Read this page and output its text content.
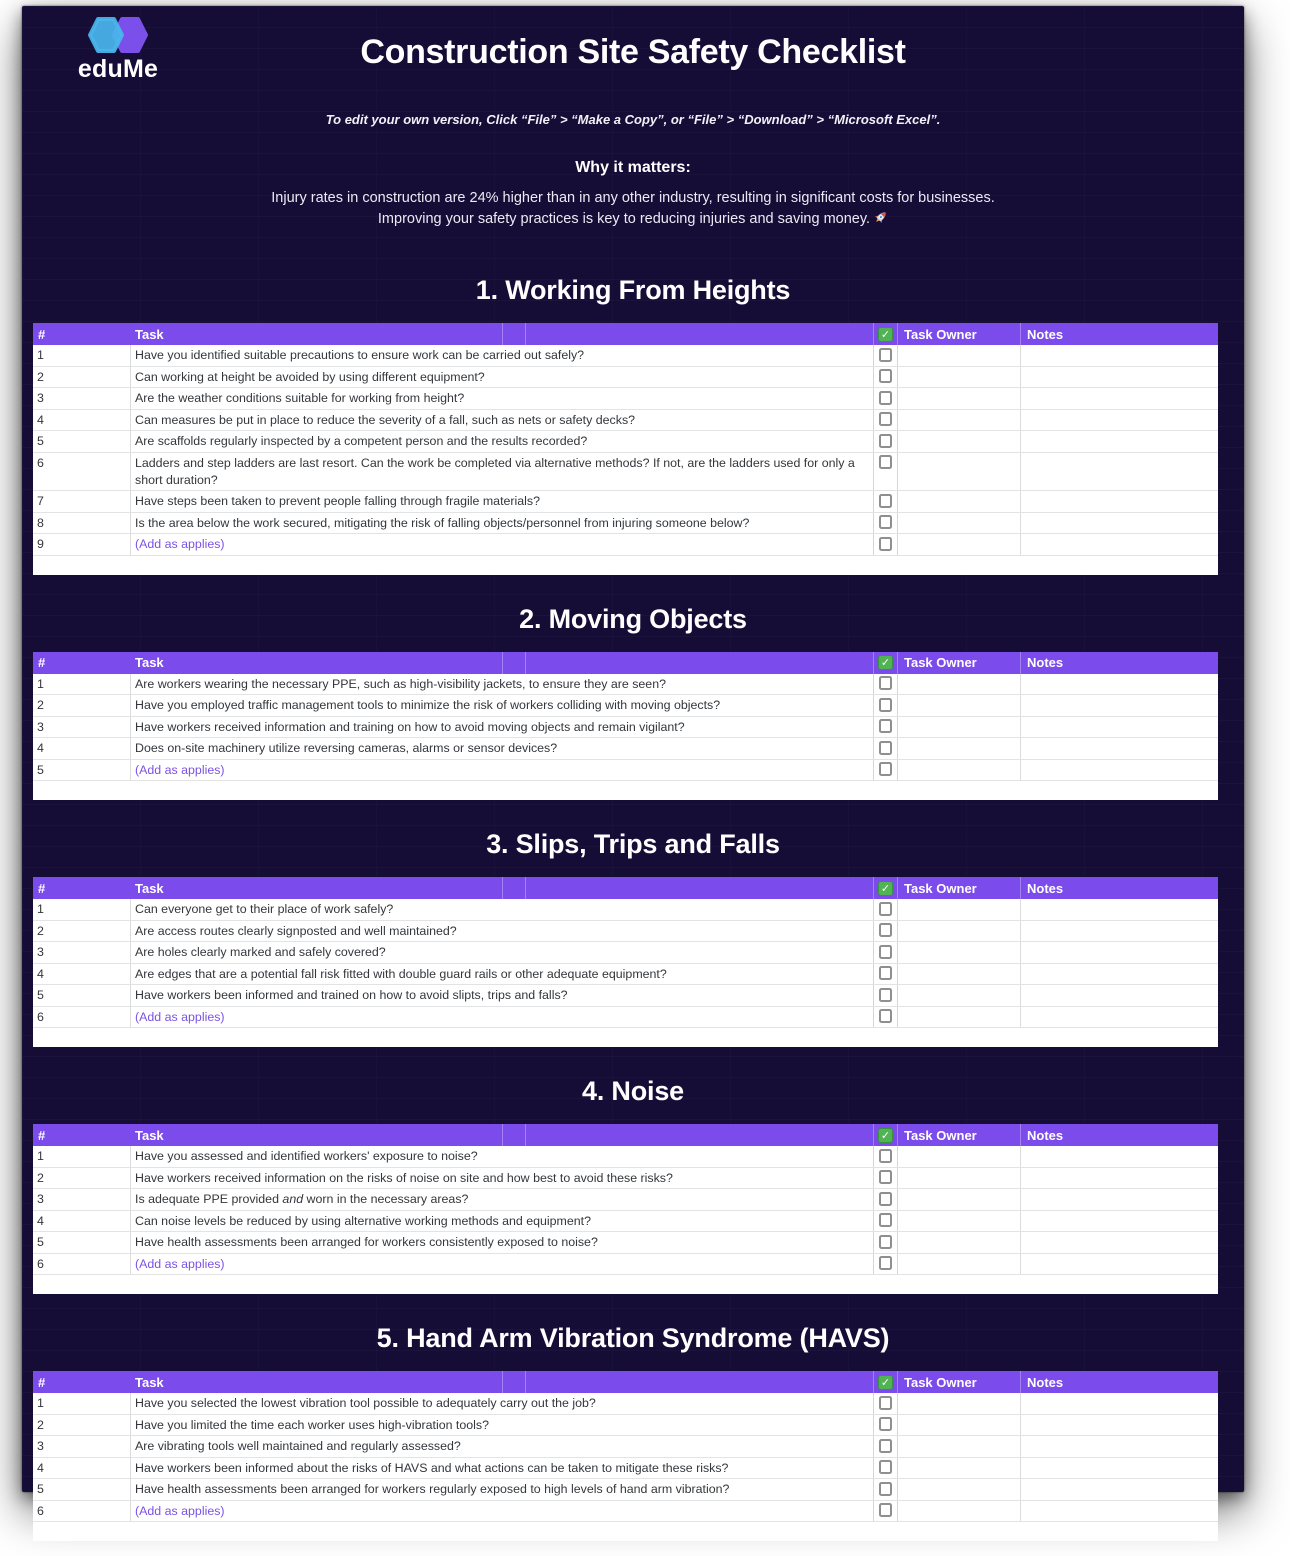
eduMe	Construction Site Safety Checklist

To edit your own version, Click “File” > “Make a Copy”, or “File” > “Download” > “Microsoft Excel”.

Why it matters:

Injury rates in construction are 24% higher than in any other industry, resulting in significant costs for businesses.
Improving your safety practices is key to reducing injuries and saving money.

1. Working From Heights
#	Task	✓	Task Owner	Notes
1	Have you identified suitable precautions to ensure work can be carried out safely?
2	Can working at height be avoided by using different equipment?
3	Are the weather conditions suitable for working from height?
4	Can measures be put in place to reduce the severity of a fall, such as nets or safety decks?
5	Are scaffolds regularly inspected by a competent person and the results recorded?
6	Ladders and step ladders are last resort. Can the work be completed via alternative methods? If not, are the ladders used for only a short duration?
7	Have steps been taken to prevent people falling through fragile materials?
8	Is the area below the work secured, mitigating the risk of falling objects/personnel from injuring someone below?
9	(Add as applies)
2. Moving Objects
#	Task	✓	Task Owner	Notes
1	Are workers wearing the necessary PPE, such as high-visibility jackets, to ensure they are seen?
2	Have you employed traffic management tools to minimize the risk of workers colliding with moving objects?
3	Have workers received information and training on how to avoid moving objects and remain vigilant?
4	Does on-site machinery utilize reversing cameras, alarms or sensor devices?
5	(Add as applies)
3. Slips, Trips and Falls
#	Task	✓	Task Owner	Notes
1	Can everyone get to their place of work safely?
2	Are access routes clearly signposted and well maintained?
3	Are holes clearly marked and safely covered?
4	Are edges that are a potential fall risk fitted with double guard rails or other adequate equipment?
5	Have workers been informed and trained on how to avoid slipts, trips and falls?
6	(Add as applies)
4. Noise
#	Task	✓	Task Owner	Notes
1	Have you assessed and identified workers' exposure to noise?
2	Have workers received information on the risks of noise on site and how best to avoid these risks?
3	Is adequate PPE provided and worn in the necessary areas?
4	Can noise levels be reduced by using alternative working methods and equipment?
5	Have health assessments been arranged for workers consistently exposed to noise?
6	(Add as applies)
5. Hand Arm Vibration Syndrome (HAVS)
#	Task	✓	Task Owner	Notes
1	Have you selected the lowest vibration tool possible to adequately carry out the job?
2	Have you limited the time each worker uses high-vibration tools?
3	Are vibrating tools well maintained and regularly assessed?
4	Have workers been informed about the risks of HAVS and what actions can be taken to mitigate these risks?
5	Have health assessments been arranged for workers regularly exposed to high levels of hand arm vibration?
6	(Add as applies)
